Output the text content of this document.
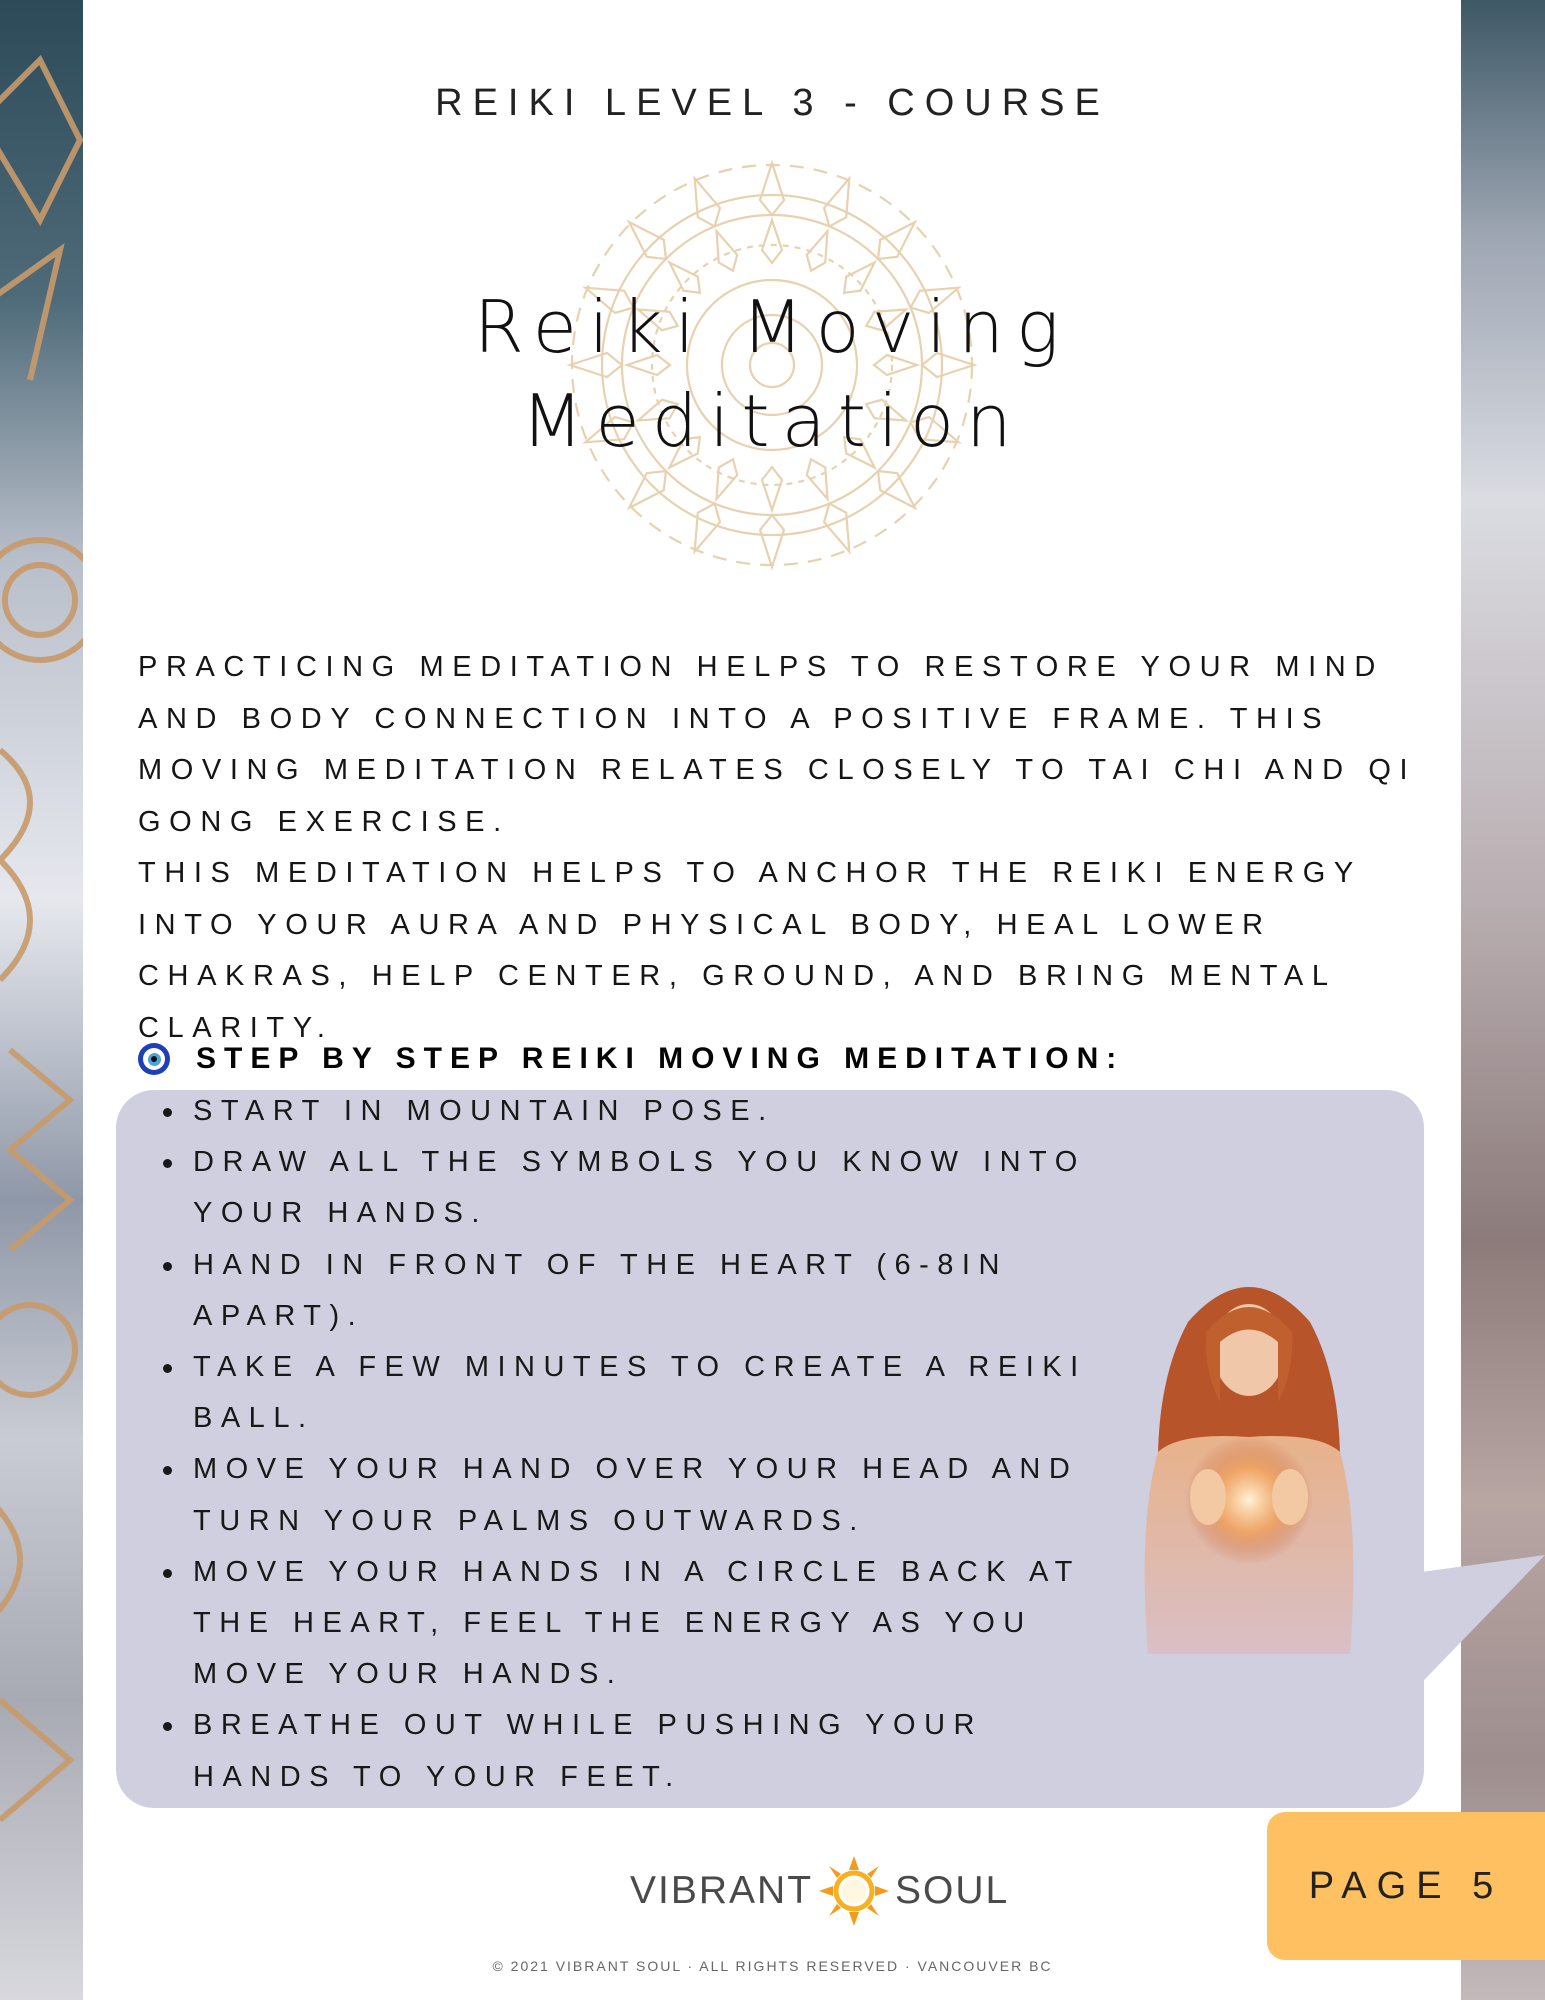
REIKI LEVEL 3 - COURSE
Reiki Moving
Meditation

PRACTICING MEDITATION HELPS TO RESTORE YOUR MIND AND BODY CONNECTION INTO A POSITIVE FRAME. THIS MOVING MEDITATION RELATES CLOSELY TO TAI CHI AND QI GONG EXERCISE.

THIS MEDITATION HELPS TO ANCHOR THE REIKI ENERGY INTO YOUR AURA AND PHYSICAL BODY, HEAL LOWER CHAKRAS, HELP CENTER, GROUND, AND BRING MENTAL CLARITY.

STEP BY STEP REIKI MOVING MEDITATION:
START IN MOUNTAIN POSE.
DRAW ALL THE SYMBOLS YOU KNOW INTO YOUR HANDS.
HAND IN FRONT OF THE HEART (6-8IN APART).
TAKE A FEW MINUTES TO CREATE A REIKI BALL.
MOVE YOUR HAND OVER YOUR HEAD AND TURN YOUR PALMS OUTWARDS.
MOVE YOUR HANDS IN A CIRCLE BACK AT THE HEART, FEEL THE ENERGY AS YOU MOVE YOUR HANDS.
BREATHE OUT WHILE PUSHING YOUR HANDS TO YOUR FEET.
PAGE 5
VIBRANT SOUL
© 2021 VIBRANT SOUL · ALL RIGHTS RESERVED · VANCOUVER BC
